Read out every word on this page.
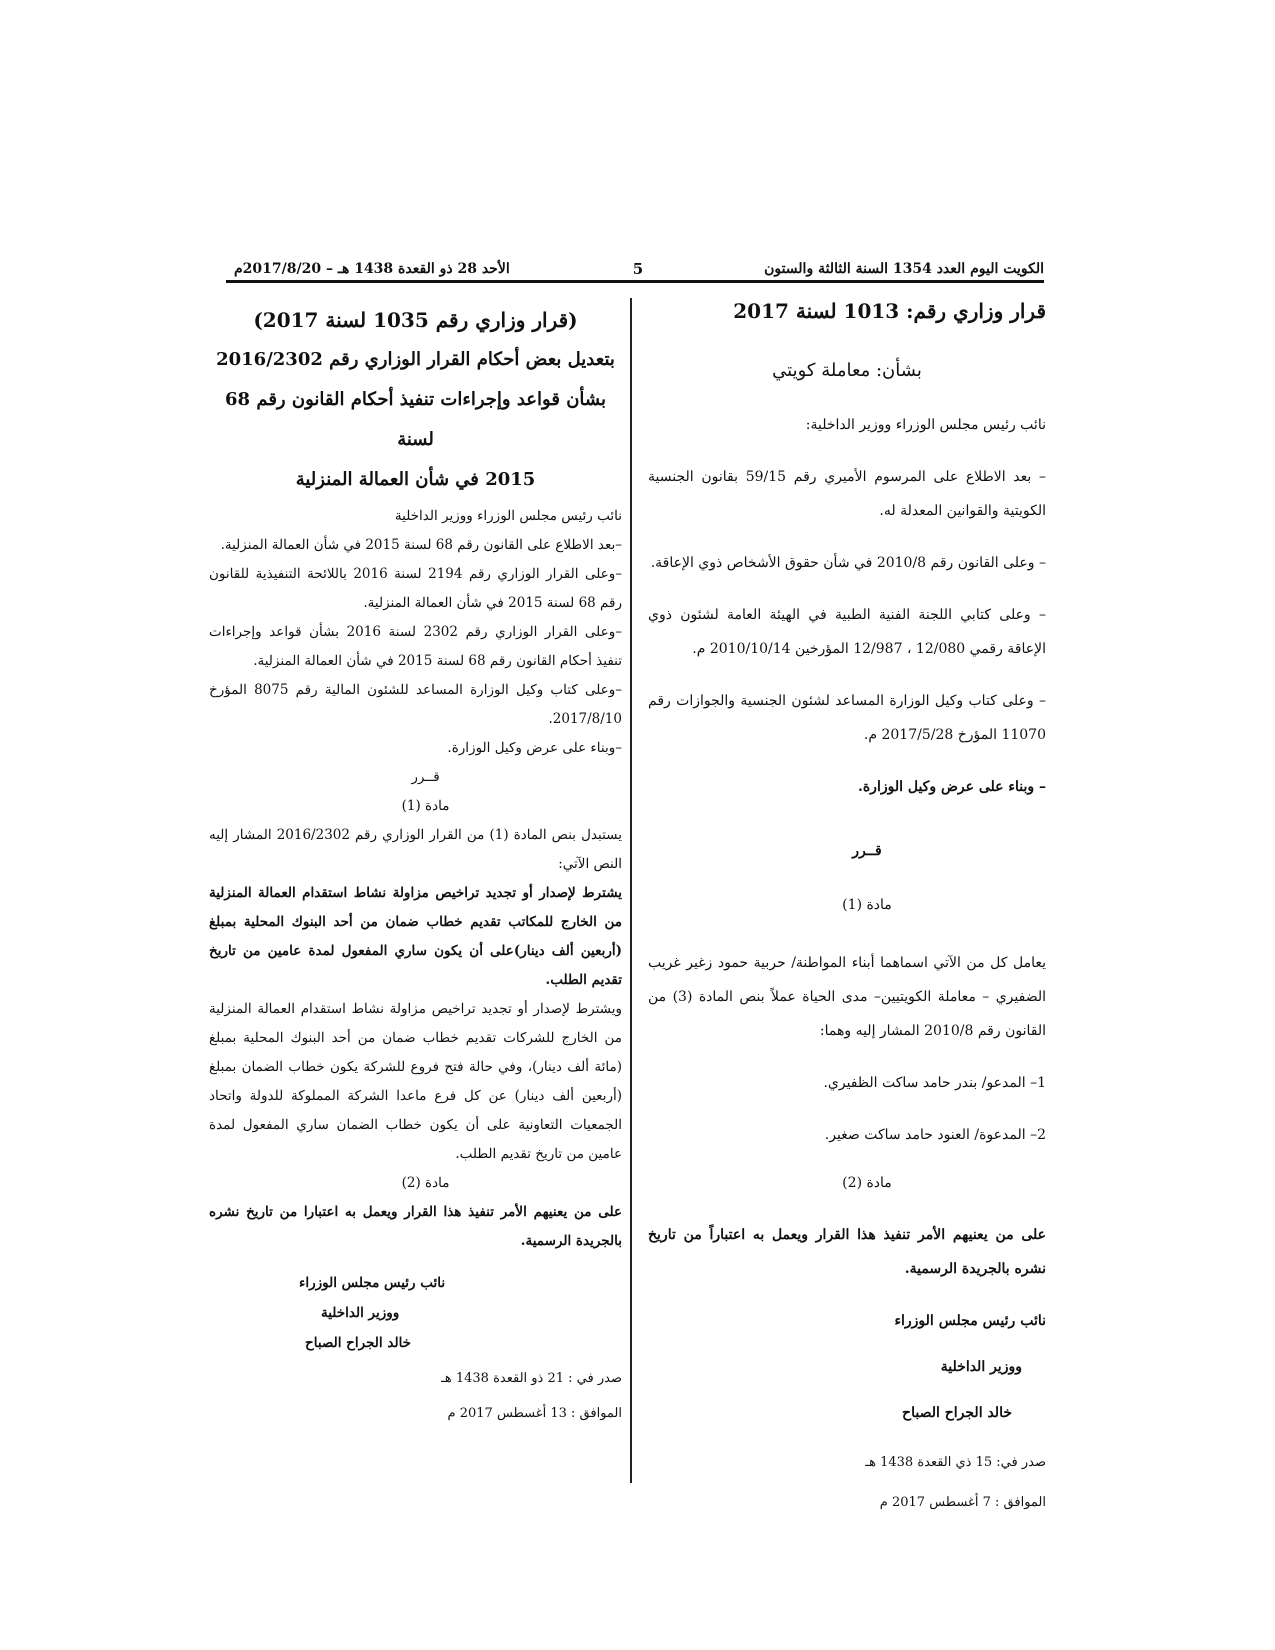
الكويت اليوم العدد 1354 السنة الثالثة والستون
5
الأحد 28 ذو القعدة 1438 هـ – 2017/8/20م

قرار وزاري رقم: 1013 لسنة 2017

بشأن: معاملة كويتي

نائب رئيس مجلس الوزراء ووزير الداخلية:

– بعد الاطلاع على المرسوم الأميري رقم 59/15 بقانون الجنسية الكويتية والقوانين المعدلة له.

– وعلى القانون رقم 2010/8 في شأن حقوق الأشخاص ذوي الإعاقة.

– وعلى كتابي اللجنة الفنية الطبية في الهيئة العامة لشئون ذوي الإعاقة رقمي 12/080 ، 12/987 المؤرخين 2010/10/14 م.

– وعلى كتاب وكيل الوزارة المساعد لشئون الجنسية والجوازات رقم 11070 المؤرخ 2017/5/28 م.

– وبناء على عرض وكيل الوزارة.

قــرر

مادة (1)

يعامل كل من الآتي اسماهما أبناء المواطنة/ حربية حمود زغير غريب الضفيري – معاملة الكويتيين– مدى الحياة عملاً بنص المادة (3) من القانون رقم 2010/8 المشار إليه وهما:

1– المدعو/ بندر حامد ساكت الظفيري.

2– المدعوة/ العنود حامد ساكت صغير.

مادة (2)

على من يعنيهم الأمر تنفيذ هذا القرار ويعمل به اعتباراً من تاريخ نشره بالجريدة الرسمية.

نائب رئيس مجلس الوزراء

ووزير الداخلية

خالد الجراح الصباح

صدر في: 15 ذي القعدة 1438 هـ

الموافق : 7 أغسطس 2017 م

(قرار وزاري رقم 1035 لسنة 2017)

بتعديل بعض أحكام القرار الوزاري رقم 2016/2302

بشأن قواعد وإجراءات تنفيذ أحكام القانون رقم 68 لسنة

2015 في شأن العمالة المنزلية

نائب رئيس مجلس الوزراء ووزير الداخلية

–بعد الاطلاع على القانون رقم 68 لسنة 2015 في شأن العمالة المنزلية.

–وعلى القرار الوزاري رقم 2194 لسنة 2016 باللائحة التنفيذية للقانون رقم 68 لسنة 2015 في شأن العمالة المنزلية.

–وعلى القرار الوزاري رقم 2302 لسنة 2016 بشأن قواعد وإجراءات تنفيذ أحكام القانون رقم 68 لسنة 2015 في شأن العمالة المنزلية.

–وعلى كتاب وكيل الوزارة المساعد للشئون المالية رقم 8075 المؤرخ 2017/8/10.

–وبناء على عرض وكيل الوزارة.

قــرر

مادة (1)

يستبدل بنص المادة (1) من القرار الوزاري رقم 2016/2302 المشار إليه النص الآتي:

يشترط لإصدار أو تجديد تراخيص مزاولة نشاط استقدام العمالة المنزلية من الخارج للمكاتب تقديم خطاب ضمان من أحد البنوك المحلية بمبلغ (أربعين ألف دينار)على أن يكون ساري المفعول لمدة عامين من تاريخ تقديم الطلب.

ويشترط لإصدار أو تجديد تراخيص مزاولة نشاط استقدام العمالة المنزلية من الخارج للشركات تقديم خطاب ضمان من أحد البنوك المحلية بمبلغ (مائة ألف دينار)، وفي حالة فتح فروع للشركة يكون خطاب الضمان بمبلغ (أربعين ألف دينار) عن كل فرع ماعدا الشركة المملوكة للدولة واتحاد الجمعيات التعاونية على أن يكون خطاب الضمان ساري المفعول لمدة عامين من تاريخ تقديم الطلب.

مادة (2)

على من يعنيهم الأمر تنفيذ هذا القرار ويعمل به اعتبارا من تاريخ نشره بالجريدة الرسمية.

نائب رئيس مجلس الوزراء

ووزير الداخلية

خالد الجراح الصباح

صدر في : 21 ذو القعدة 1438 هـ

الموافق : 13 أغسطس 2017 م
